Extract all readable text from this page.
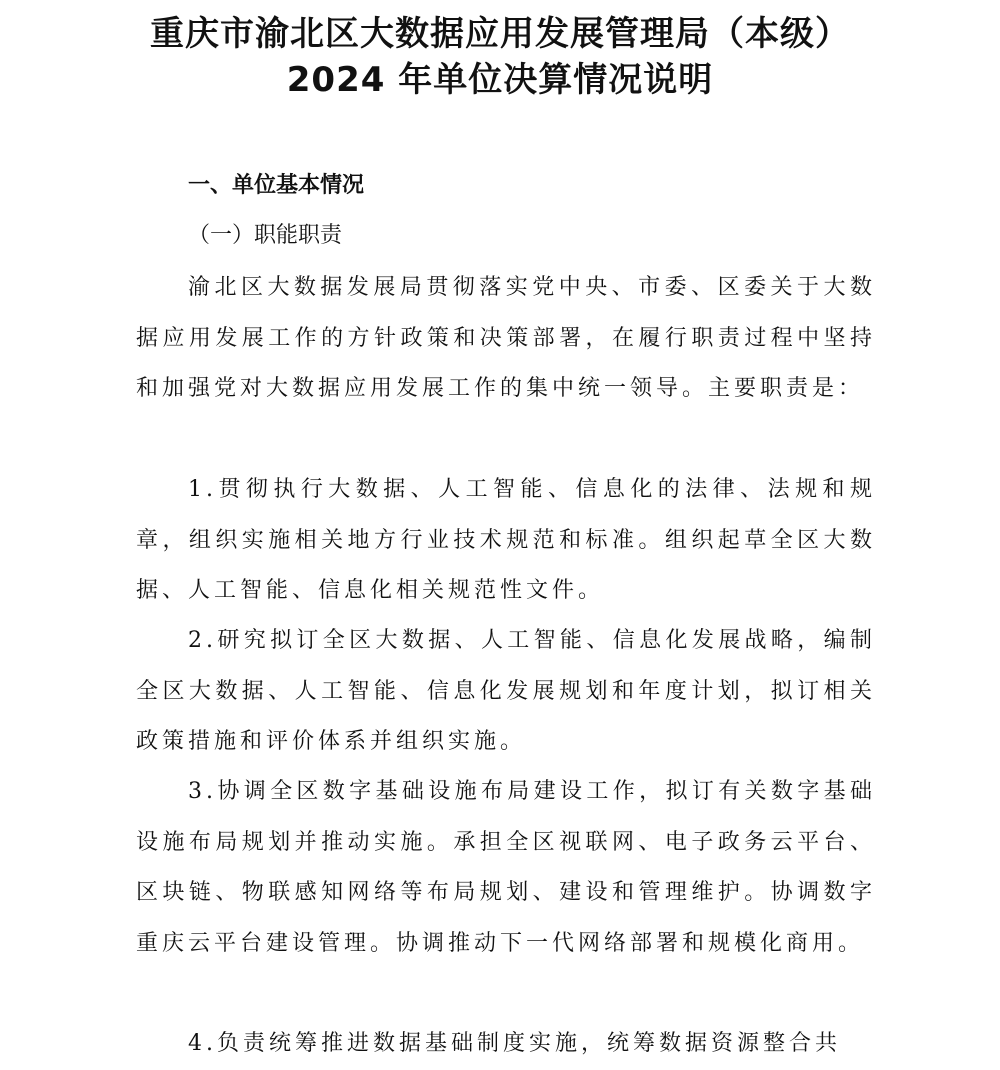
重庆市渝北区大数据应用发展管理局（本级）
2024 年单位决算情况说明
一、单位基本情况
（一）职能职责

渝北区大数据发展局贯彻落实党中央、市委、区委关于大数据应用发展工作的方针政策和决策部署，在履行职责过程中坚持和加强党对大数据应用发展工作的集中统一领导。主要职责是：

1.贯彻执行大数据、人工智能、信息化的法律、法规和规章，组织实施相关地方行业技术规范和标准。组织起草全区大数据、人工智能、信息化相关规范性文件。

2.研究拟订全区大数据、人工智能、信息化发展战略，编制全区大数据、人工智能、信息化发展规划和年度计划，拟订相关政策措施和评价体系并组织实施。

3.协调全区数字基础设施布局建设工作，拟订有关数字基础设施布局规划并推动实施。承担全区视联网、电子政务云平台、区块链、物联感知网络等布局规划、建设和管理维护。协调数字重庆云平台建设管理。协调推动下一代网络部署和规模化商用。

4.负责统筹推进数据基础制度实施，统筹数据资源整合共
